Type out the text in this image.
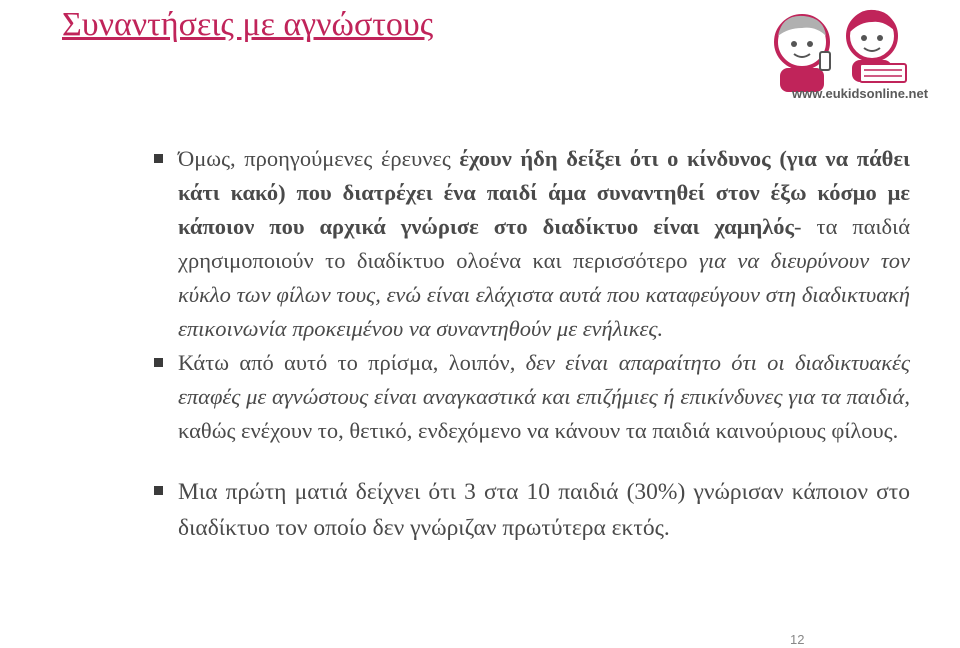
Συναντήσεις με αγνώστους
www.eukidsonline.net
Όμως, προηγούμενες έρευνες έχουν ήδη δείξει ότι ο κίνδυνος (για να πάθει κάτι κακό) που διατρέχει ένα παιδί άμα συναντηθεί στον έξω κόσμο με κάποιον που αρχικά γνώρισε στο διαδίκτυο είναι χαμηλός- τα παιδιά χρησιμοποιούν το διαδίκτυο ολοένα και περισσότερο για να διευρύνουν τον κύκλο των φίλων τους, ενώ είναι ελάχιστα αυτά που καταφεύγουν στη διαδικτυακή επικοινωνία προκειμένου να συναντηθούν με ενήλικες.
Κάτω από αυτό το πρίσμα, λοιπόν, δεν είναι απαραίτητο ότι οι διαδικτυακές επαφές με αγνώστους είναι αναγκαστικά και επιζήμιες ή επικίνδυνες για τα παιδιά, καθώς ενέχουν το, θετικό, ενδεχόμενο να κάνουν τα παιδιά καινούριους φίλους.
Μια πρώτη ματιά δείχνει ότι 3 στα 10 παιδιά (30%) γνώρισαν κάποιον στο διαδίκτυο τον οποίο δεν γνώριζαν πρωτύτερα εκτός.
12
